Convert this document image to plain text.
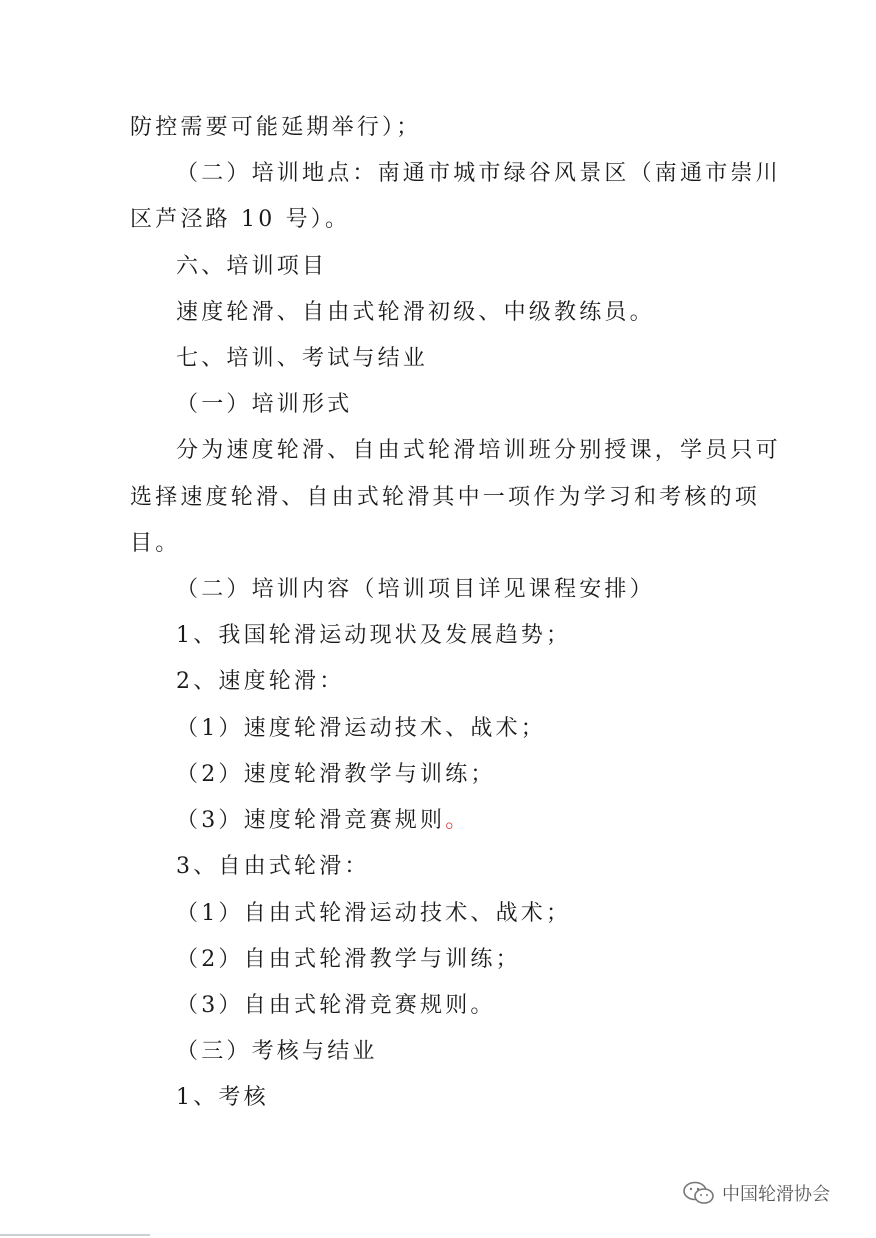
防控需要可能延期举行）；
（二）培训地点：南通市城市绿谷风景区（南通市崇川
区芦泾路 10 号）。
六、培训项目
速度轮滑、自由式轮滑初级、中级教练员。
七、培训、考试与结业
（一）培训形式
分为速度轮滑、自由式轮滑培训班分别授课，学员只可
选择速度轮滑、自由式轮滑其中一项作为学习和考核的项
目。
（二）培训内容（培训项目详见课程安排）
1、我国轮滑运动现状及发展趋势；
2、速度轮滑：
（1）速度轮滑运动技术、战术；
（2）速度轮滑教学与训练；
（3）速度轮滑竞赛规则。
3、自由式轮滑：
（1）自由式轮滑运动技术、战术；
（2）自由式轮滑教学与训练；
（3）自由式轮滑竞赛规则。
（三）考核与结业
1、考核
中国轮滑协会
